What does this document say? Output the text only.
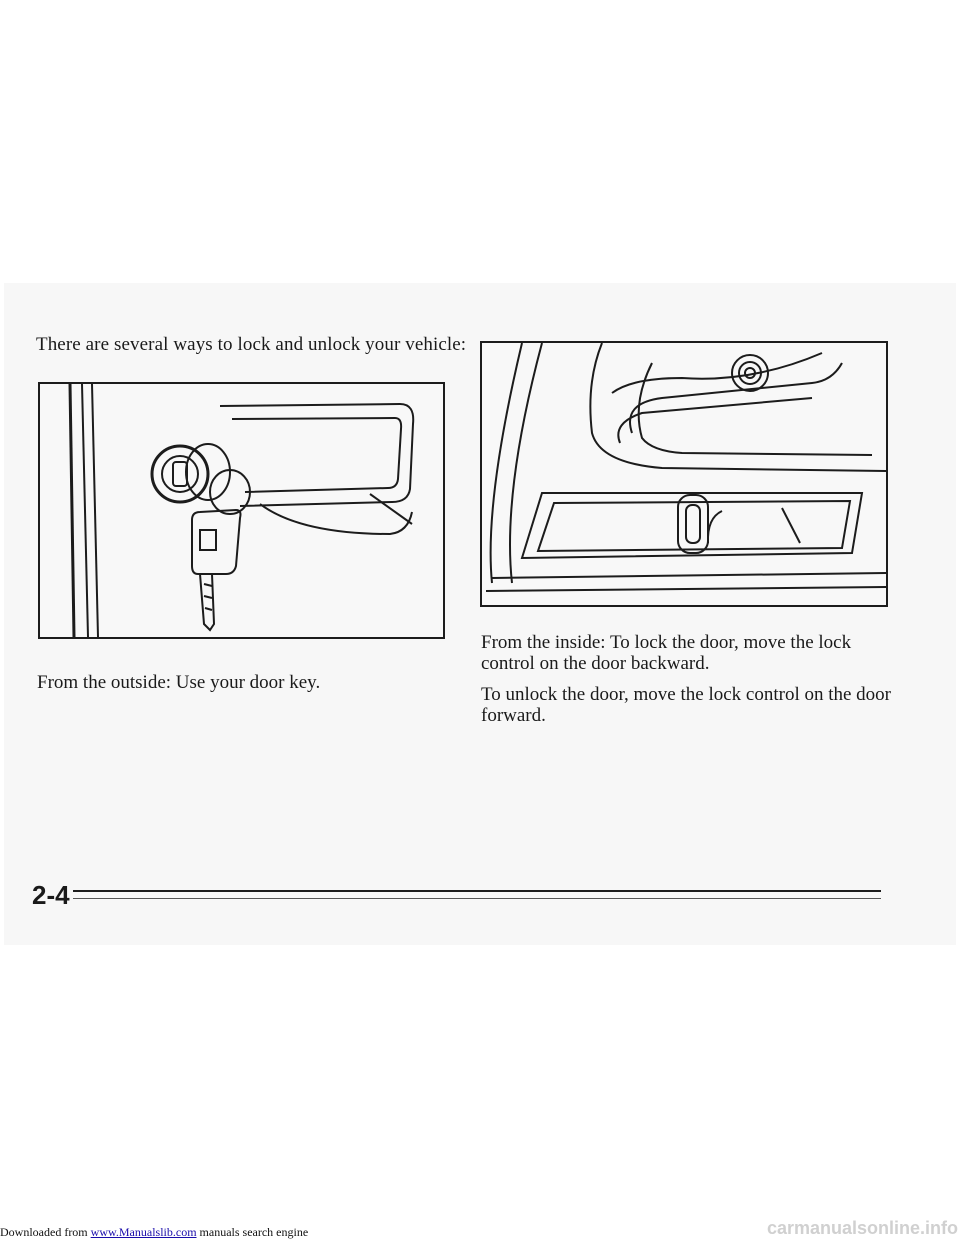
Downloaded from www.Manualslib.com manuals search engine
There are several ways to lock and unlock your vehicle:
From the outside: Use your door key.
From the inside: To lock the door, move the lock control on the door backward.
To unlock the door, move the lock control on the door forward.
2-4
carmanualsonline.info
